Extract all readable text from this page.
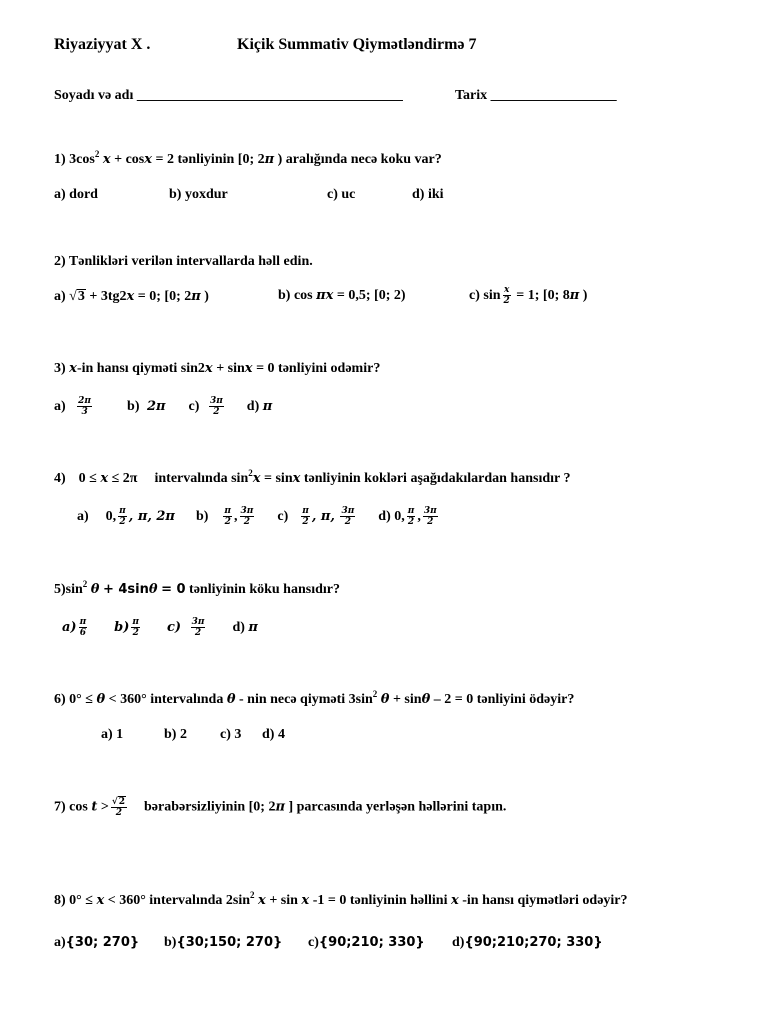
Riyaziyyat X .	Kiçik Summativ Qiymətləndirmə 7
Soyadı və adı ______________________________________	Tarix __________________
1) $3\cos^2$ x + cosx = 2 tənliyinin [0; 2π ) aralığında necə koku var?
a) dord	b) yoxdur	c) uc	d) iki
2) Tənlikləri verilən intervallarda həll edin.
a) √3 + 3tg2x = 0; [0; 2π )	b) cos πx = 0,5; [0; 2)	c) $\sin \frac{x}{2} = 1$; [0; 8π )
3) x-in hansı qiyməti sin2x + sinx = 0 tənliyini odəmir?
$a) \frac{2\pi}{3}$	b) 2π $c) \frac{3\pi}{2} d$) π
4) 0 ≤ x ≤ 2π intervalında $\sin^2x = \sin x$ tənliyinin kokləri aşağıdakılardan hansıdır ?
a) 0, $\frac{\pi}{2}$ , π, 2π $b) \frac{\pi}{2}$ , $\frac{3\pi}{2} c) \frac{\pi}{2}$ , π, $\frac{3\pi}{2} d$) 0, $\frac{\pi}{2}$ , $\frac{3\pi}{2}$
$5)\sin^2$ θ + 4sinθ = 0 tənliyinin köku hansıdır?
$a) \frac{\pi}{6} b) \frac{\pi}{2} c) \frac{3\pi}{2} d$) π
6) 0° ≤ θ < 360° intervalında θ - nin necə qiyməti $3\sin^2$ θ + sinθ – 2 = 0 tənliyini ödəyir?
a) 1	b) 2 c) 3 d) 4
7) $\cos t > \frac{√2}{2}$ bərabərsizliyinin [0; 2π ] parcasında yerləşən həllərini tapın.
8) 0° ≤ x < 360° intervalında $2\sin^2$ x + sin x -1 = 0 tənliyinin həllini x -in hansı qiymətləri odəyir?
a){30; 270} b){30;150; 270} c){90;210; 330} d){90;210;270; 330}
